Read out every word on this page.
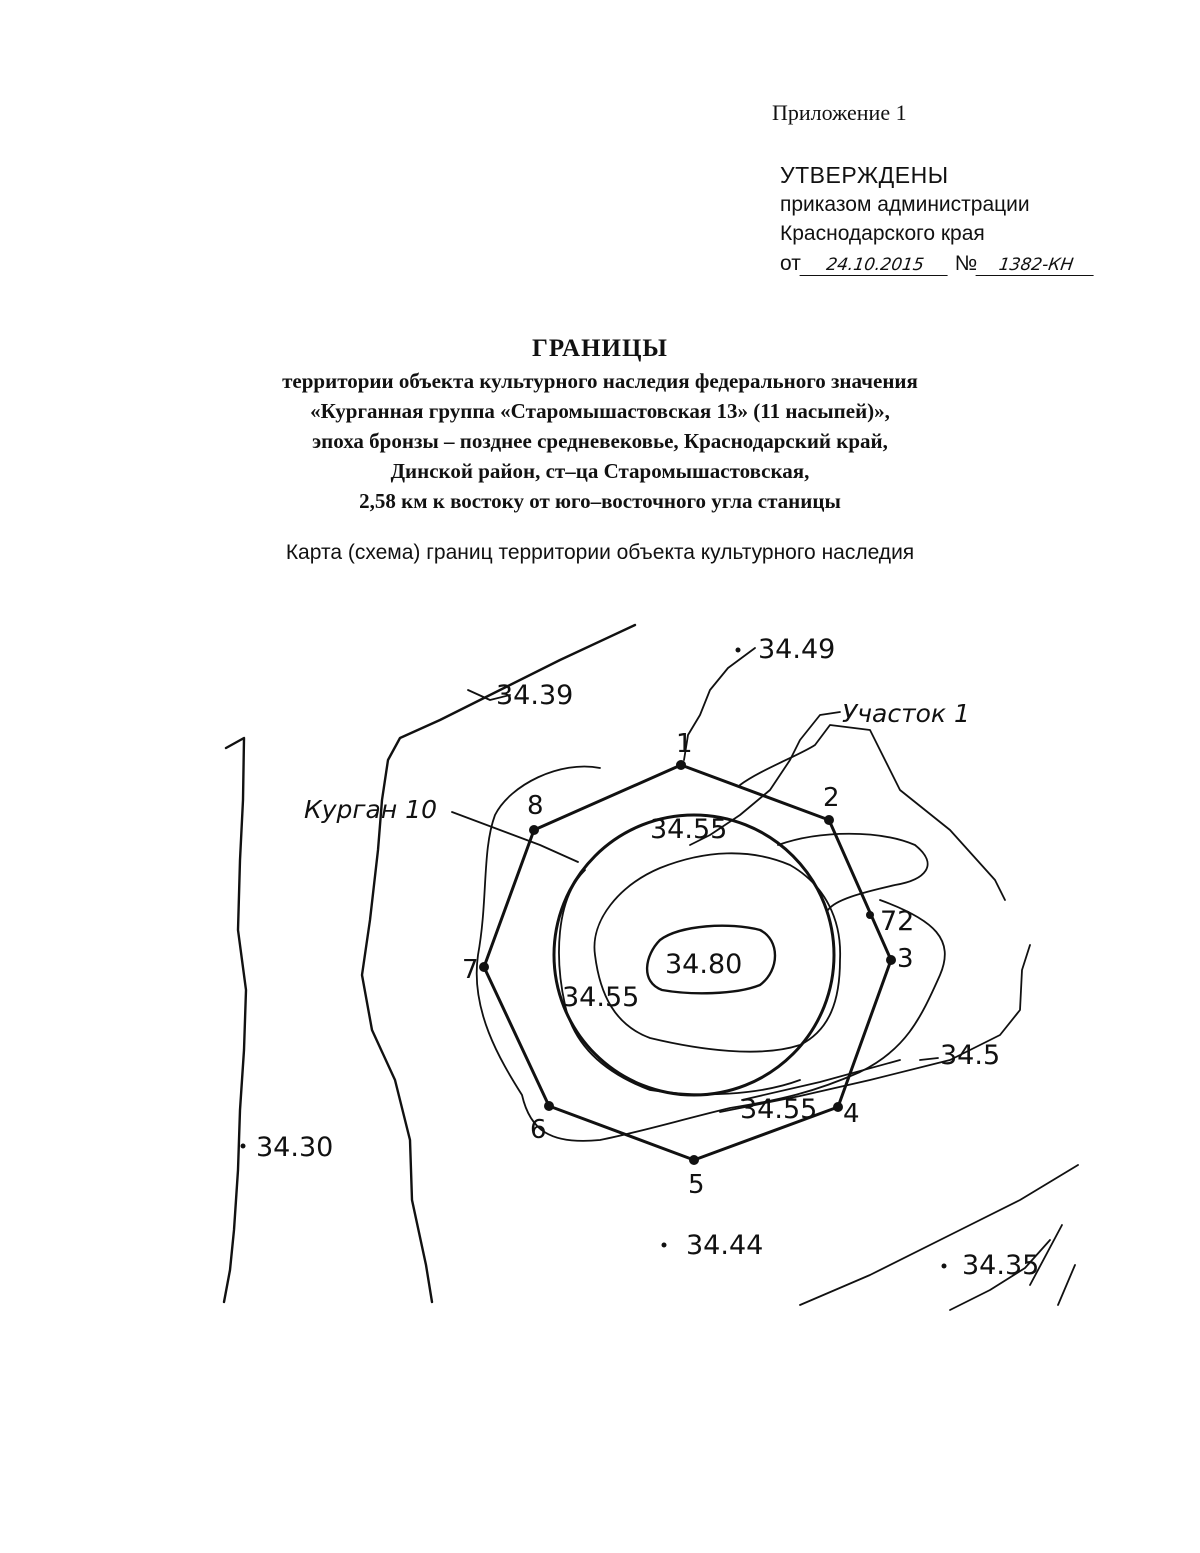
Приложение 1
УТВЕРЖДЕНЫ
приказом администрации
Краснодарского края
от 24.10.2015 № 1382-КН
ГРАНИЦЫ
территории объекта культурного наследия федерального значения
«Курганная группа «Старомышастовская 13» (11 насыпей)»,
эпоха бронзы – позднее средневековье, Краснодарский край,
Динской район, ст–ца Старомышастовская,
2,58 км к востоку от юго–восточного угла станицы
Карта (схема) границ территории объекта культурного наследия
34.49
34.39
34.55
34.80
72
34.55
34.5
34.55
34.30
34.44
34.35
Участок 1
Курган 10
1
2
3
4
5
6
7
8
